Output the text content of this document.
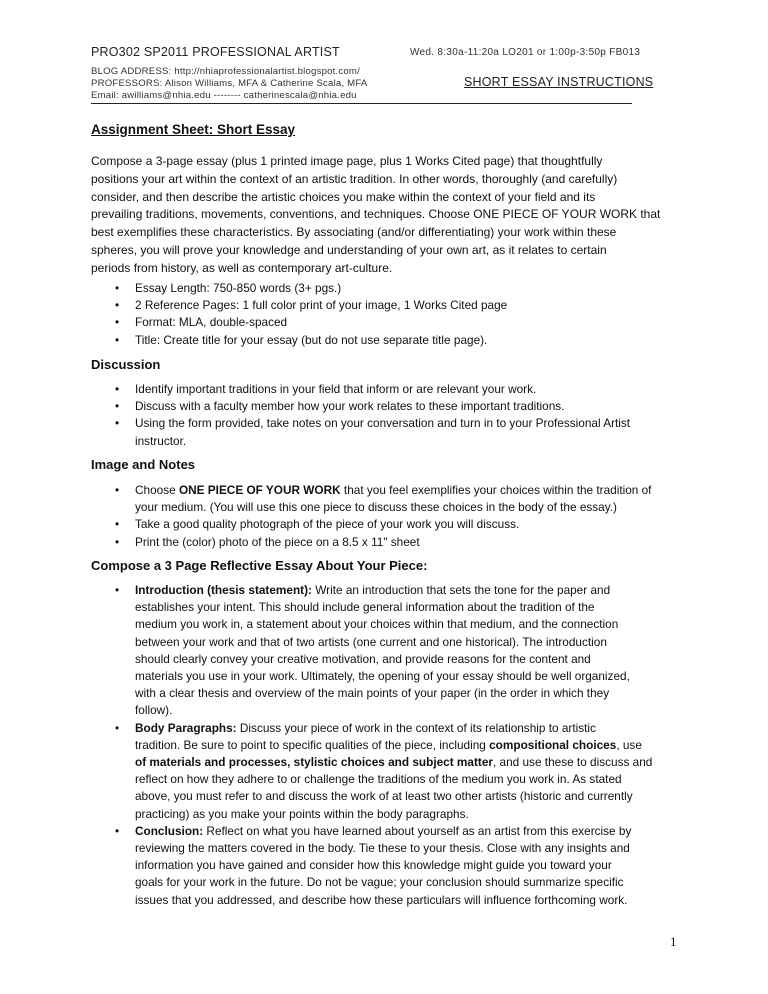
PRO302 SP2011 PROFESSIONAL ARTIST	Wed. 8:30a-11:20a LO201 or 1:00p-3:50p FB013
BLOG ADDRESS: http://nhiaprofessionalartist.blogspot.com/
PROFESSORS: Alison Williams, MFA & Catherine Scala, MFA
Email: awilliams@nhia.edu -------- catherinescala@nhia.edu
SHORT ESSAY INSTRUCTIONS
Assignment Sheet: Short Essay

Compose a 3-page essay (plus 1 printed image page, plus 1 Works Cited page) that thoughtfully

positions your art within the context of an artistic tradition. In other words, thoroughly (and carefully)

consider, and then describe the artistic choices you make within the context of your field and its

prevailing traditions, movements, conventions, and techniques. Choose ONE PIECE OF YOUR WORK that

best exemplifies these characteristics. By associating (and/or differentiating) your work within these

spheres, you will prove your knowledge and understanding of your own art, as it relates to certain

periods from history, as well as contemporary art-culture.

• Essay Length: 750-850 words (3+ pgs.)
• 2 Reference Pages: 1 full color print of your image, 1 Works Cited page
• Format: MLA, double-spaced
• Title: Create title for your essay (but do not use separate title page).
Discussion
• Identify important traditions in your field that inform or are relevant your work.
• Discuss with a faculty member how your work relates to these important traditions.
• Using the form provided, take notes on your conversation and turn in to your Professional Artist
instructor.
Image and Notes
• Choose ONE PIECE OF YOUR WORK that you feel exemplifies your choices within the tradition of
your medium. (You will use this one piece to discuss these choices in the body of the essay.)
• Take a good quality photograph of the piece of your work you will discuss.
• Print the (color) photo of the piece on a 8.5 x 11" sheet
Compose a 3 Page Reflective Essay About Your Piece:
• Introduction (thesis statement): Write an introduction that sets the tone for the paper and
establishes your intent. This should include general information about the tradition of the
medium you work in, a statement about your choices within that medium, and the connection
between your work and that of two artists (one current and one historical). The introduction
should clearly convey your creative motivation, and provide reasons for the content and
materials you use in your work. Ultimately, the opening of your essay should be well organized,
with a clear thesis and overview of the main points of your paper (in the order in which they
follow).
• Body Paragraphs: Discuss your piece of work in the context of its relationship to artistic
tradition. Be sure to point to specific qualities of the piece, including compositional choices, use
of materials and processes, stylistic choices and subject matter, and use these to discuss and
reflect on how they adhere to or challenge the traditions of the medium you work in. As stated
above, you must refer to and discuss the work of at least two other artists (historic and currently
practicing) as you make your points within the body paragraphs.
• Conclusion: Reflect on what you have learned about yourself as an artist from this exercise by
reviewing the matters covered in the body. Tie these to your thesis. Close with any insights and
information you have gained and consider how this knowledge might guide you toward your
goals for your work in the future. Do not be vague; your conclusion should summarize specific
issues that you addressed, and describe how these particulars will influence forthcoming work.
1
